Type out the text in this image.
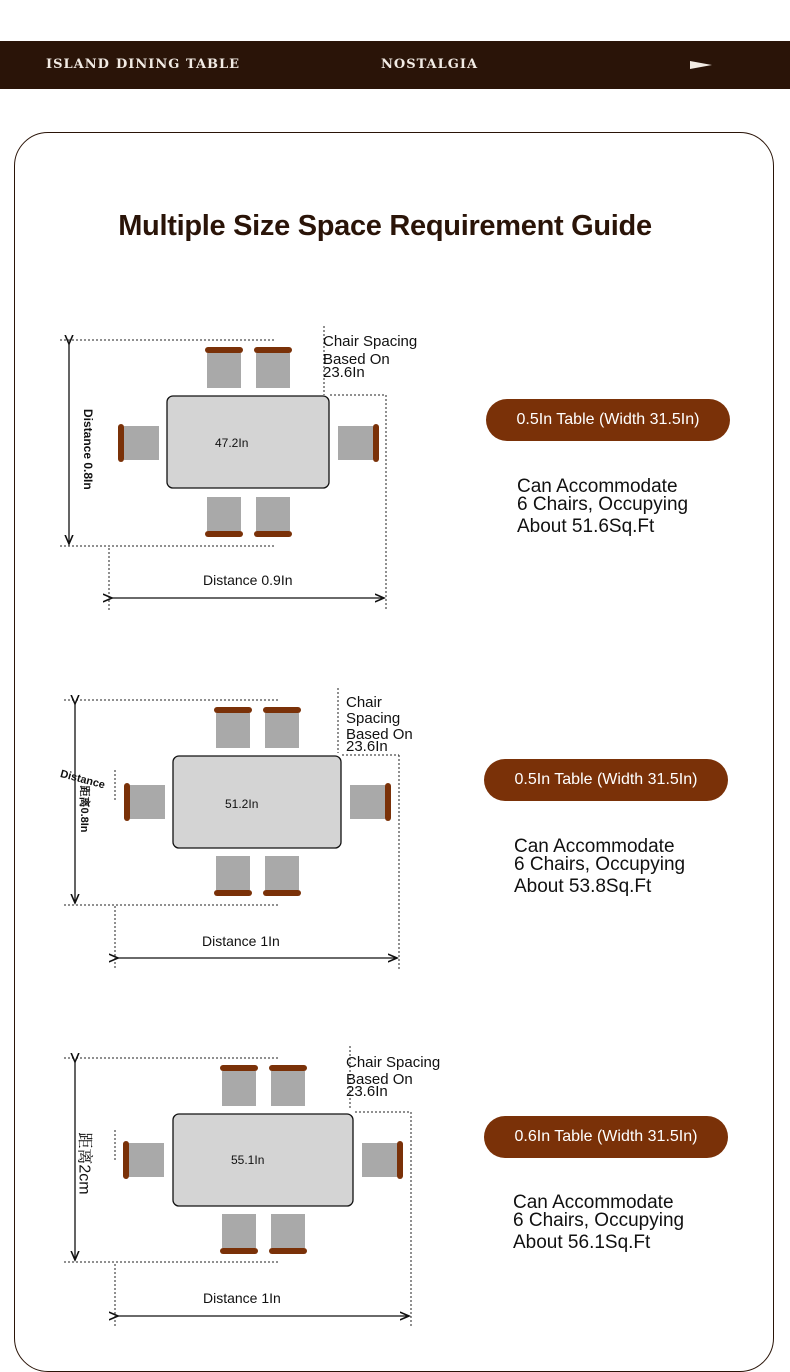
ISLAND DINING TABLE	NOSTALGIA
Multiple Size Space Requirement Guide
47.2In
Chair Spacing
Based On
23.6In
Distance 0.8In
Distance 0.9In
0.5In Table (Width 31.5In)
Can Accommodate
6 Chairs, Occupying
About 51.6Sq.Ft
51.2In
Chair
Spacing
Based On
23.6In
Distance
距离0.8In
Distance 1In
0.5In Table (Width 31.5In)
Can Accommodate
6 Chairs, Occupying
About 53.8Sq.Ft
55.1In
Chair Spacing
Based On
23.6In
距离2cm
Distance 1In
0.6In Table (Width 31.5In)
Can Accommodate
6 Chairs, Occupying
About 56.1Sq.Ft
